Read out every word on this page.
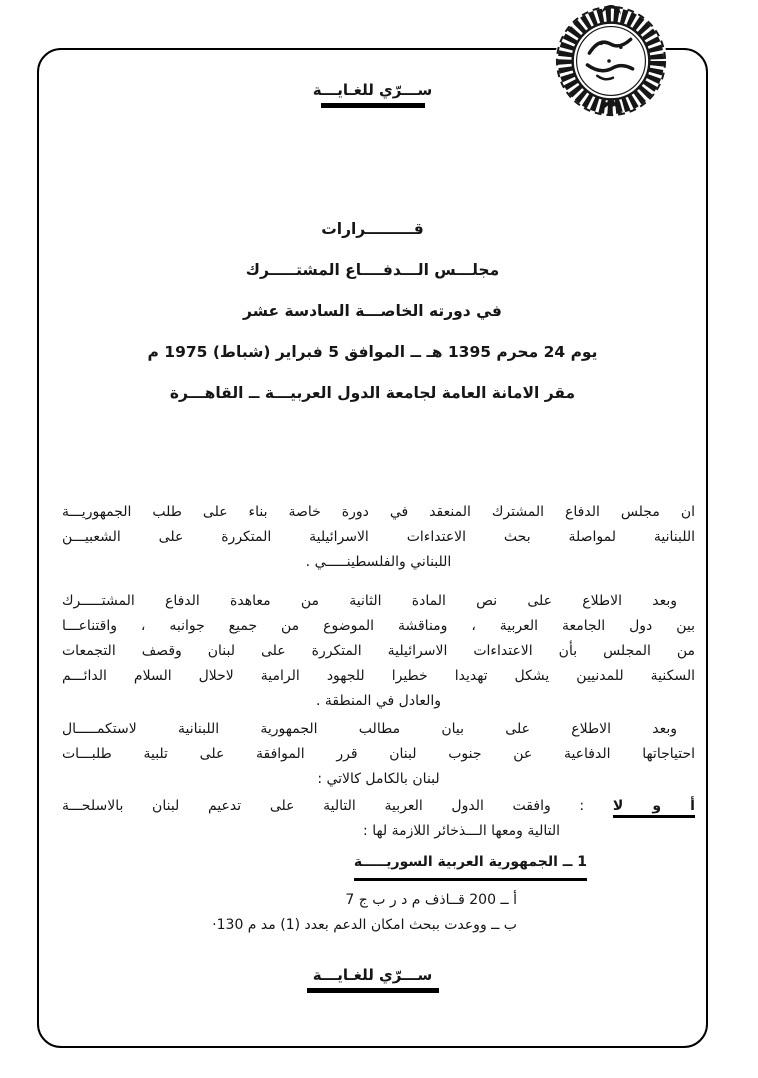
ســـرّي للغـايـــة
قـــــــــرارات
مجلـــس الـــدفــــاع المشتـــــرك
في دورته الخاصـــة السادسة عشر
يوم 24 محرم 1395 هـ ــ الموافق 5 فبراير (شباط) 1975 م
مقر الامانة العامة لجامعة الدول العربيـــة ــ القاهـــرة
ان مجلس الدفاع المشترك المنعقد في دورة خاصة بناء على طلب الجمهوريـــة
اللبنانية لمواصلة بحث الاعتداءات الاسرائيلية المتكررة على الشعبيـــن
اللبناني والفلسطينـــــي .
وبعد الاطلاع على نص المادة الثانية من معاهدة الدفاع المشتـــــرك
بين دول الجامعة العربية ، ومناقشة الموضوع من جميع جوانبه ، واقتناعـــا
من المجلس بأن الاعتداءات الاسرائيلية المتكررة على لبنان وقصف التجمعات
السكنية للمدنيين يشكل تهديدا خطيرا للجهود الرامية لاحلال السلام الدائـــم
والعادل في المنطقة .
وبعد الاطلاع على بيان مطالب الجمهورية اللبنانية لاستكمـــــال
احتياجاتها الدفاعية عن جنوب لبنان قرر الموافقة على تلبية طلبـــات
لبنان بالكامل كالاتي :
أ و لا : وافقت الدول العربية التالية على تدعيم لبنان بالاسلحـــة
التالية ومعها الـــذخائر اللازمة لها :
1 ــ الجمهورية العربية السوريـــــة
أ ــ 200 قــاذف م د ر ب ج 7
ب ــ ووعدت ببحث امكان الدعم بعدد (1) مد م 130·
ســـرّي للغـايـــة
